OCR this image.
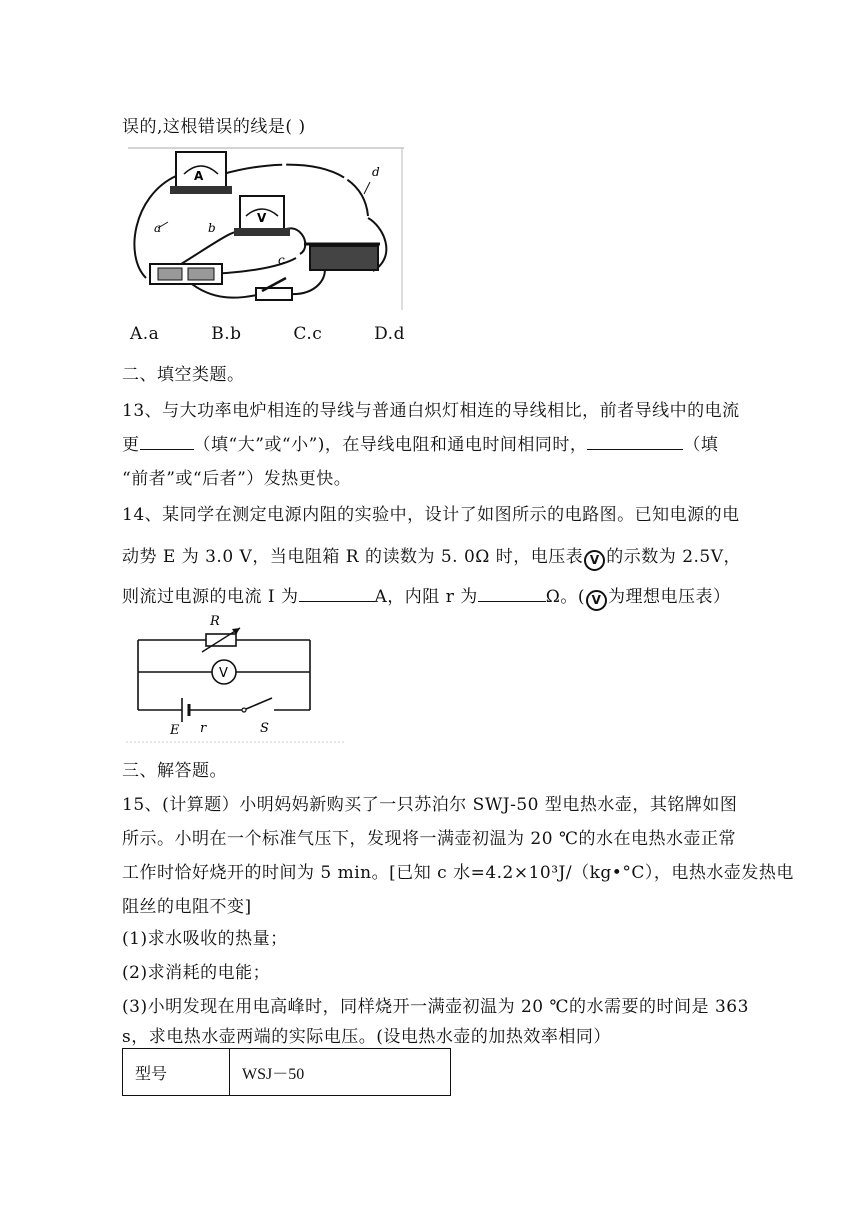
误的,这根错误的线是( )
A
V
a	b
c
d
A.a	B.b	C.c	D.d
二、填空类题。
13、与大功率电炉相连的导线与普通白炽灯相连的导线相比，前者导线中的电流
更	（填“大”或“小”)，在导线电阻和通电时间相同时，	（填
“前者”或“后者”）发热更快。
14、某同学在测定电源内阻的实验中，设计了如图所示的电路图。已知电源的电
动势 E 为 3.0 V，当电阻箱 R 的读数为 5. 0Ω 时，电压表 V 的示数为 2.5V，
则流过电源的电流 I 为	A，内阻 r 为	Ω。( V 为理想电压表）
R
V
E r	S
三、解答题。
15、(计算题）小明妈妈新购买了一只苏泊尔 SWJ-50 型电热水壶，其铭牌如图
所示。小明在一个标准气压下，发现将一满壶初温为 20 ℃的水在电热水壶正常
工作时恰好烧开的时间为 5 min。[已知 c 水=4.2×10³J/（kg•°C），电热水壶发热电
阻丝的电阻不变]
(1)求水吸收的热量；
(2)求消耗的电能；
(3)小明发现在用电高峰时，同样烧开一满壶初温为 20 ℃的水需要的时间是 363
s，求电热水壶两端的实际电压。(设电热水壶的加热效率相同）
型号	WSJ－50
